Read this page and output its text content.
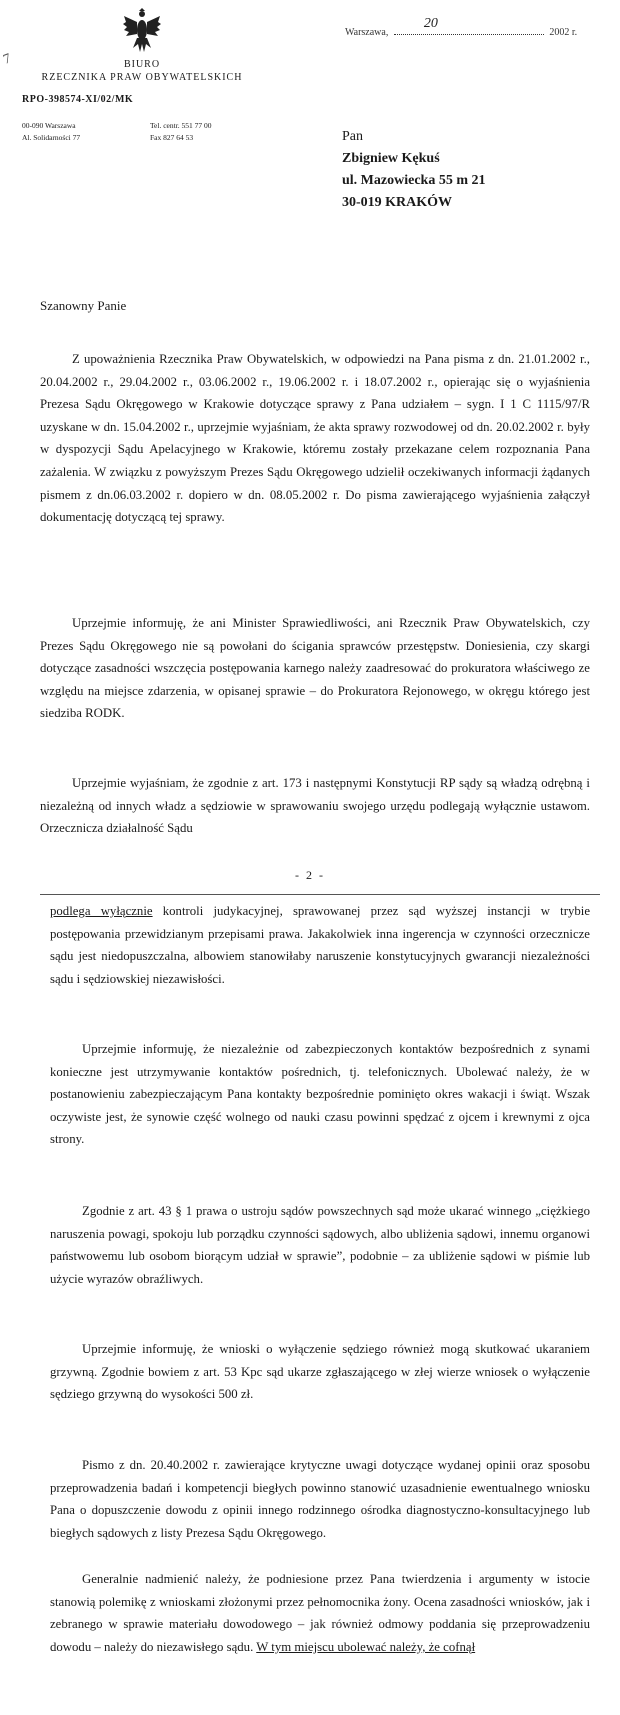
7	BIURO
RZECZNIKA PRAW OBYWATELSKICH
RPO-398574-XI/02/MK
00-090 Warszawa
Al. Solidarności 77
Tel. centr. 551 77 00
Fax 827 64 53
Warszawa,
20
2002 r.
Pan
Zbigniew Kękuś
ul. Mazowiecka 55 m 21
30-019 KRAKÓW
Szanowny Panie

Z upoważnienia Rzecznika Praw Obywatelskich, w odpowiedzi na Pana pisma z dn. 21.01.2002 r., 20.04.2002 r., 29.04.2002 r., 03.06.2002 r., 19.06.2002 r. i 18.07.2002 r., opierając się o wyjaśnienia Prezesa Sądu Okręgowego w Krakowie dotyczące sprawy z Pana udziałem – sygn. I 1 C 1115/97/R uzyskane w dn. 15.04.2002 r., uprzejmie wyjaśniam, że akta sprawy rozwodowej od dn. 20.02.2002 r. były w dyspozycji Sądu Apelacyjnego w Krakowie, któremu zostały przekazane celem rozpoznania Pana zażalenia. W związku z powyższym Prezes Sądu Okręgowego udzielił oczekiwanych informacji żądanych pismem z dn.06.03.2002 r. dopiero w dn. 08.05.2002 r. Do pisma zawierającego wyjaśnienia załączył dokumentację dotyczącą tej sprawy.

Uprzejmie informuję, że ani Minister Sprawiedliwości, ani Rzecznik Praw Obywatelskich, czy Prezes Sądu Okręgowego nie są powołani do ścigania sprawców przestępstw. Doniesienia, czy skargi dotyczące zasadności wszczęcia postępowania karnego należy zaadresować do prokuratora właściwego ze względu na miejsce zdarzenia, w opisanej sprawie – do Prokuratora Rejonowego, w okręgu którego jest siedziba RODK.

Uprzejmie wyjaśniam, że zgodnie z art. 173 i następnymi Konstytucji RP sądy są władzą odrębną i niezależną od innych władz a sędziowie w sprawowaniu swojego urzędu podlegają wyłącznie ustawom. Orzecznicza działalność Sądu

- 2 -

podlega wyłącznie kontroli judykacyjnej, sprawowanej przez sąd wyższej instancji w trybie postępowania przewidzianym przepisami prawa. Jakakolwiek inna ingerencja w czynności orzecznicze sądu jest niedopuszczalna, albowiem stanowiłaby naruszenie konstytucyjnych gwarancji niezależności sądu i sędziowskiej niezawisłości.

Uprzejmie informuję, że niezależnie od zabezpieczonych kontaktów bezpośrednich z synami konieczne jest utrzymywanie kontaktów pośrednich, tj. telefonicznych. Ubolewać należy, że w postanowieniu zabezpieczającym Pana kontakty bezpośrednie pominięto okres wakacji i świąt. Wszak oczywiste jest, że synowie część wolnego od nauki czasu powinni spędzać z ojcem i krewnymi z ojca strony.

Zgodnie z art. 43 § 1 prawa o ustroju sądów powszechnych sąd może ukarać winnego „ciężkiego naruszenia powagi, spokoju lub porządku czynności sądowych, albo ubliżenia sądowi, innemu organowi państwowemu lub osobom biorącym udział w sprawie”, podobnie – za ubliżenie sądowi w piśmie lub użycie wyrazów obraźliwych.

Uprzejmie informuję, że wnioski o wyłączenie sędziego również mogą skutkować ukaraniem grzywną. Zgodnie bowiem z art. 53 Kpc sąd ukarze zgłaszającego w złej wierze wniosek o wyłączenie sędziego grzywną do wysokości 500 zł.

Pismo z dn. 20.40.2002 r. zawierające krytyczne uwagi dotyczące wydanej opinii oraz sposobu przeprowadzenia badań i kompetencji biegłych powinno stanowić uzasadnienie ewentualnego wniosku Pana o dopuszczenie dowodu z opinii innego rodzinnego ośrodka diagnostyczno-konsultacyjnego lub biegłych sądowych z listy Prezesa Sądu Okręgowego.

Generalnie nadmienić należy, że podniesione przez Pana twierdzenia i argumenty w istocie stanowią polemikę z wnioskami złożonymi przez pełnomocnika żony. Ocena zasadności wniosków, jak i zebranego w sprawie materiału dowodowego – jak również odmowy poddania się przeprowadzeniu dowodu – należy do niezawisłego sądu. W tym miejscu ubolewać należy, że cofnął
